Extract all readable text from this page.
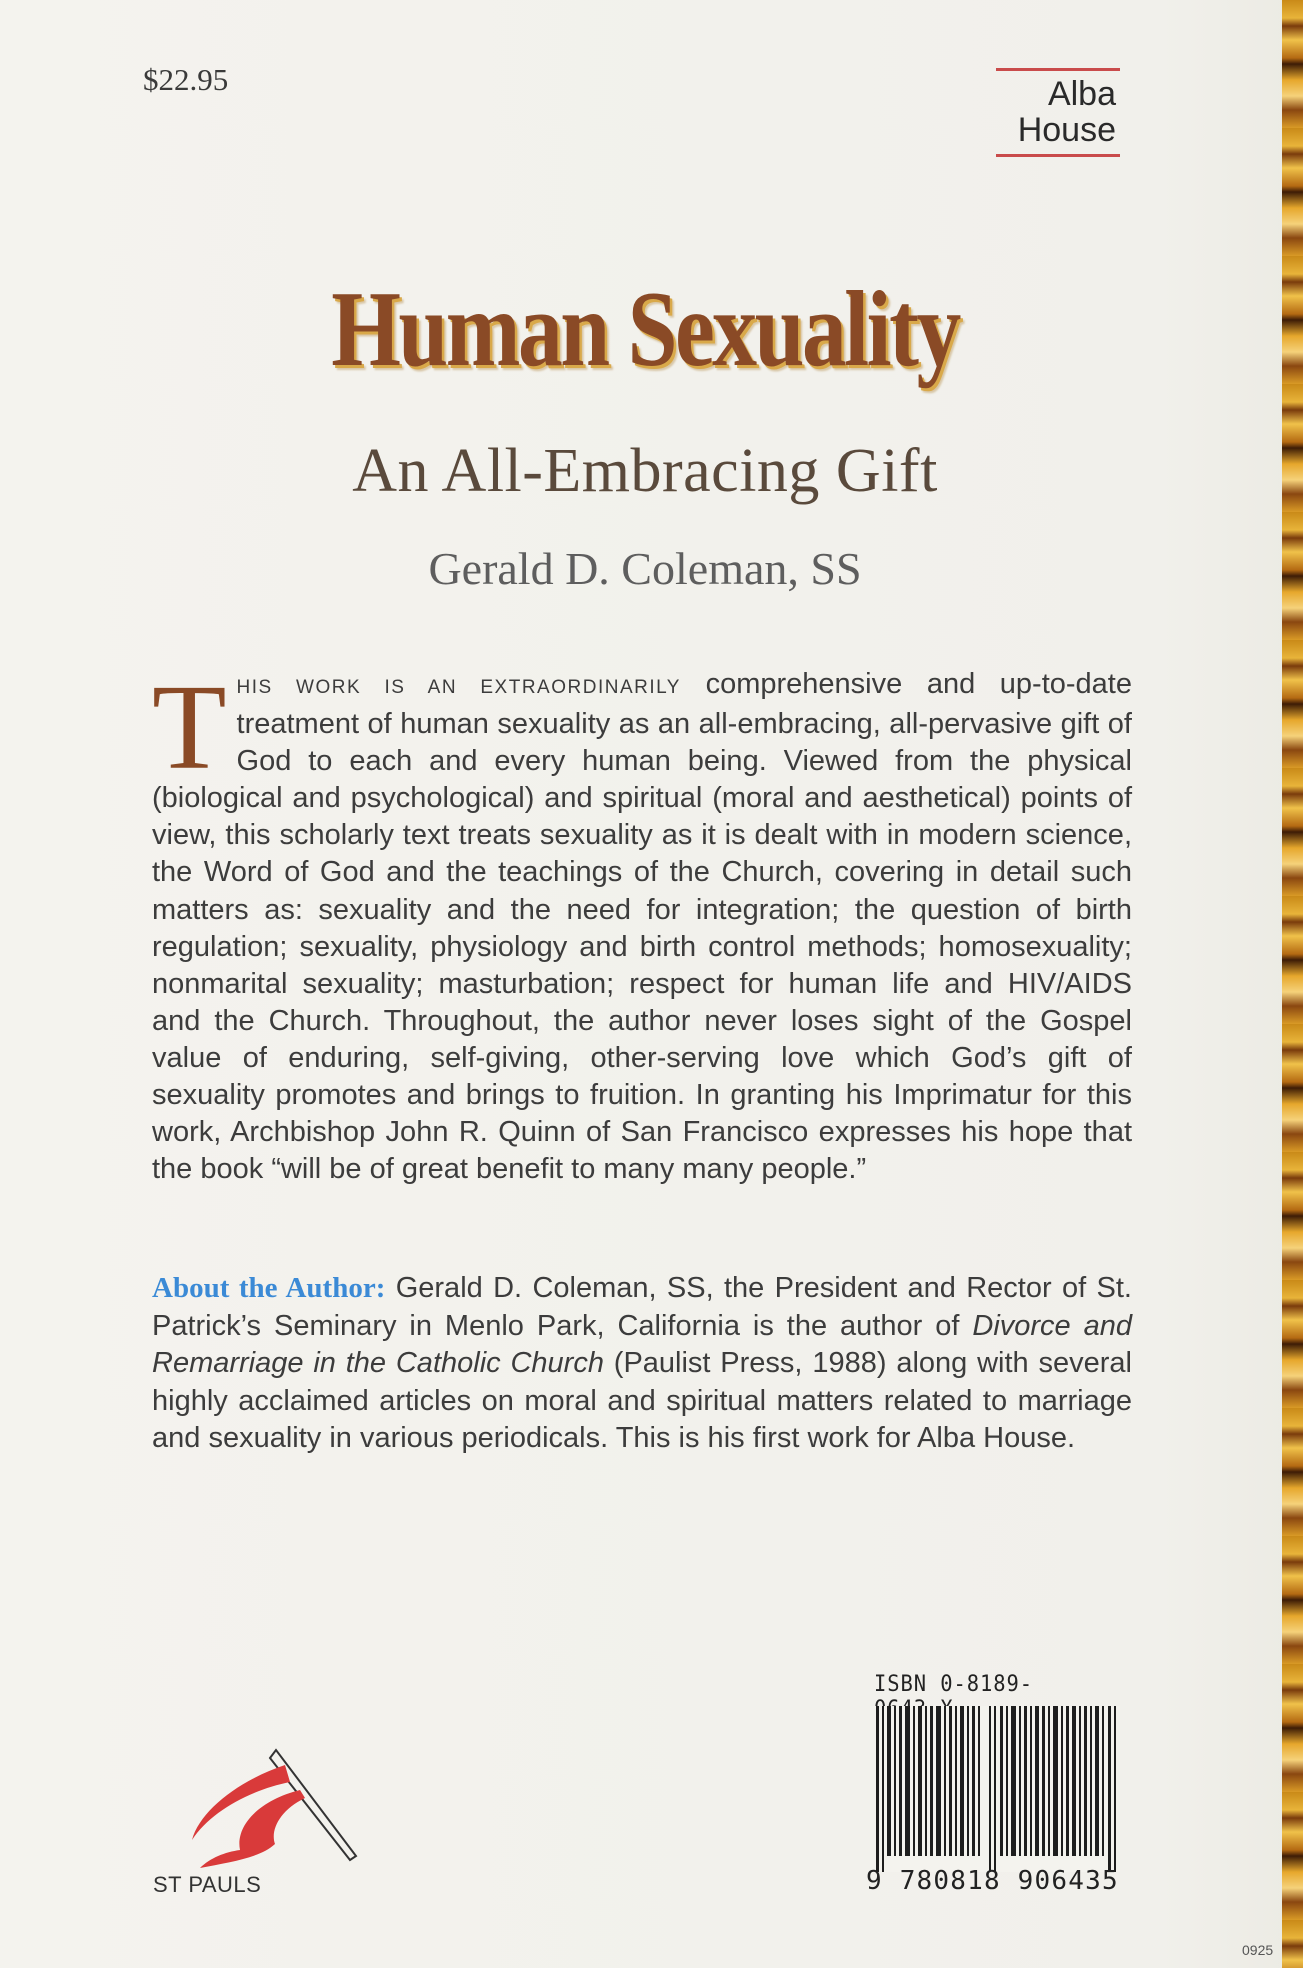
$22.95	Alba
House
Human Sexuality
An All-Embracing Gift
Gerald D. Coleman, SS
THIS WORK IS AN EXTRAORDINARILY comprehensive and up-to-date treatment of human sexuality as an all-embracing, all-pervasive gift of God to each and every human being. Viewed from the physical (biological and psychological) and spiritual (moral and aesthetical) points of view, this scholarly text treats sexuality as it is dealt with in modern science, the Word of God and the teachings of the Church, covering in detail such matters as: sexuality and the need for integration; the question of birth regulation; sexuality, physiology and birth control methods; homosexuality; nonmarital sexuality; masturbation; respect for human life and HIV/AIDS and the Church. Throughout, the author never loses sight of the Gospel value of enduring, self-giving, other-serving love which God’s gift of sexuality promotes and brings to fruition. In granting his Imprimatur for this work, Archbishop John R. Quinn of San Francisco expresses his hope that the book “will be of great benefit to many many people.”
About the Author: Gerald D. Coleman, SS, the President and Rector of St. Patrick’s Seminary in Menlo Park, California is the author of Divorce and Remarriage in the Catholic Church (Paulist Press, 1988) along with several highly acclaimed articles on moral and spiritual matters related to marriage and sexuality in various periodicals. This is his first work for Alba House.
ST PAULS
ISBN 0-8189-
9 780818 906435
0925
